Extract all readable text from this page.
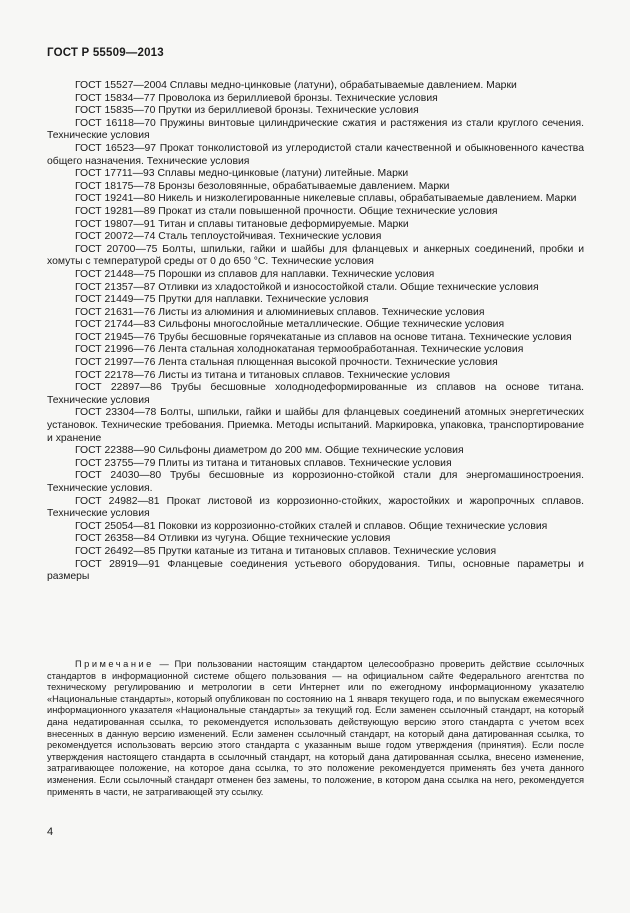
ГОСТ Р 55509—2013

ГОСТ 15527—2004 Сплавы медно-цинковые (латуни), обрабатываемые давлением. Марки

ГОСТ 15834—77 Проволока из бериллиевой бронзы. Технические условия

ГОСТ 15835—70 Прутки из бериллиевой бронзы. Технические условия

ГОСТ 16118—70 Пружины винтовые цилиндрические сжатия и растяжения из стали круглого сечения. Технические условия

ГОСТ 16523—97 Прокат тонколистовой из углеродистой стали качественной и обыкновенного качества общего назначения. Технические условия

ГОСТ 17711—93 Сплавы медно-цинковые (латуни) литейные. Марки

ГОСТ 18175—78 Бронзы безоловянные, обрабатываемые давлением. Марки

ГОСТ 19241—80 Никель и низколегированные никелевые сплавы, обрабатываемые давлением. Марки

ГОСТ 19281—89 Прокат из стали повышенной прочности. Общие технические условия

ГОСТ 19807—91 Титан и сплавы титановые деформируемые. Марки

ГОСТ 20072—74 Сталь теплоустойчивая. Технические условия

ГОСТ 20700—75 Болты, шпильки, гайки и шайбы для фланцевых и анкерных соединений, пробки и хомуты с температурой среды от 0 до 650 °С. Технические условия

ГОСТ 21448—75 Порошки из сплавов для наплавки. Технические условия

ГОСТ 21357—87 Отливки из хладостойкой и износостойкой стали. Общие технические условия

ГОСТ 21449—75 Прутки для наплавки. Технические условия

ГОСТ 21631—76 Листы из алюминия и алюминиевых сплавов. Технические условия

ГОСТ 21744—83 Сильфоны многослойные металлические. Общие технические условия

ГОСТ 21945—76 Трубы бесшовные горячекатаные из сплавов на основе титана. Технические условия

ГОСТ 21996—76 Лента стальная холоднокатаная термообработанная. Технические условия

ГОСТ 21997—76 Лента стальная плющенная высокой прочности. Технические условия

ГОСТ 22178—76 Листы из титана и титановых сплавов. Технические условия

ГОСТ 22897—86 Трубы бесшовные холоднодеформированные из сплавов на основе титана. Технические условия

ГОСТ 23304—78 Болты, шпильки, гайки и шайбы для фланцевых соединений атомных энергетических установок. Технические требования. Приемка. Методы испытаний. Маркировка, упаковка, транспортирование и хранение

ГОСТ 22388—90 Сильфоны диаметром до 200 мм. Общие технические условия

ГОСТ 23755—79 Плиты из титана и титановых сплавов. Технические условия

ГОСТ 24030—80 Трубы бесшовные из коррозионно-стойкой стали для энергомашиностроения. Технические условия.

ГОСТ 24982—81 Прокат листовой из коррозионно-стойких, жаростойких и жаропрочных сплавов. Технические условия

ГОСТ 25054—81 Поковки из коррозионно-стойких сталей и сплавов. Общие технические условия

ГОСТ 26358—84 Отливки из чугуна. Общие технические условия

ГОСТ 26492—85 Прутки катаные из титана и титановых сплавов. Технические условия

ГОСТ 28919—91 Фланцевые соединения устьевого оборудования. Типы, основные параметры и размеры

Примечание — При пользовании настоящим стандартом целесообразно проверить действие ссылочных стандартов в информационной системе общего пользования — на официальном сайте Федерального агентства по техническому регулированию и метрологии в сети Интернет или по ежегодному информационному указателю «Национальные стандарты», который опубликован по состоянию на 1 января текущего года, и по выпускам ежемесячного информационного указателя «Национальные стандарты» за текущий год. Если заменен ссылочный стандарт, на который дана недатированная ссылка, то рекомендуется использовать действующую версию этого стандарта с учетом всех внесенных в данную версию изменений. Если заменен ссылочный стандарт, на который дана датированная ссылка, то рекомендуется использовать версию этого стандарта с указанным выше годом утверждения (принятия). Если после утверждения настоящего стандарта в ссылочный стандарт, на который дана датированная ссылка, внесено изменение, затрагивающее положение, на которое дана ссылка, то это положение рекомендуется применять без учета данного изменения. Если ссылочный стандарт отменен без замены, то положение, в котором дана ссылка на него, рекомендуется применять в части, не затрагивающей эту ссылку.

4
